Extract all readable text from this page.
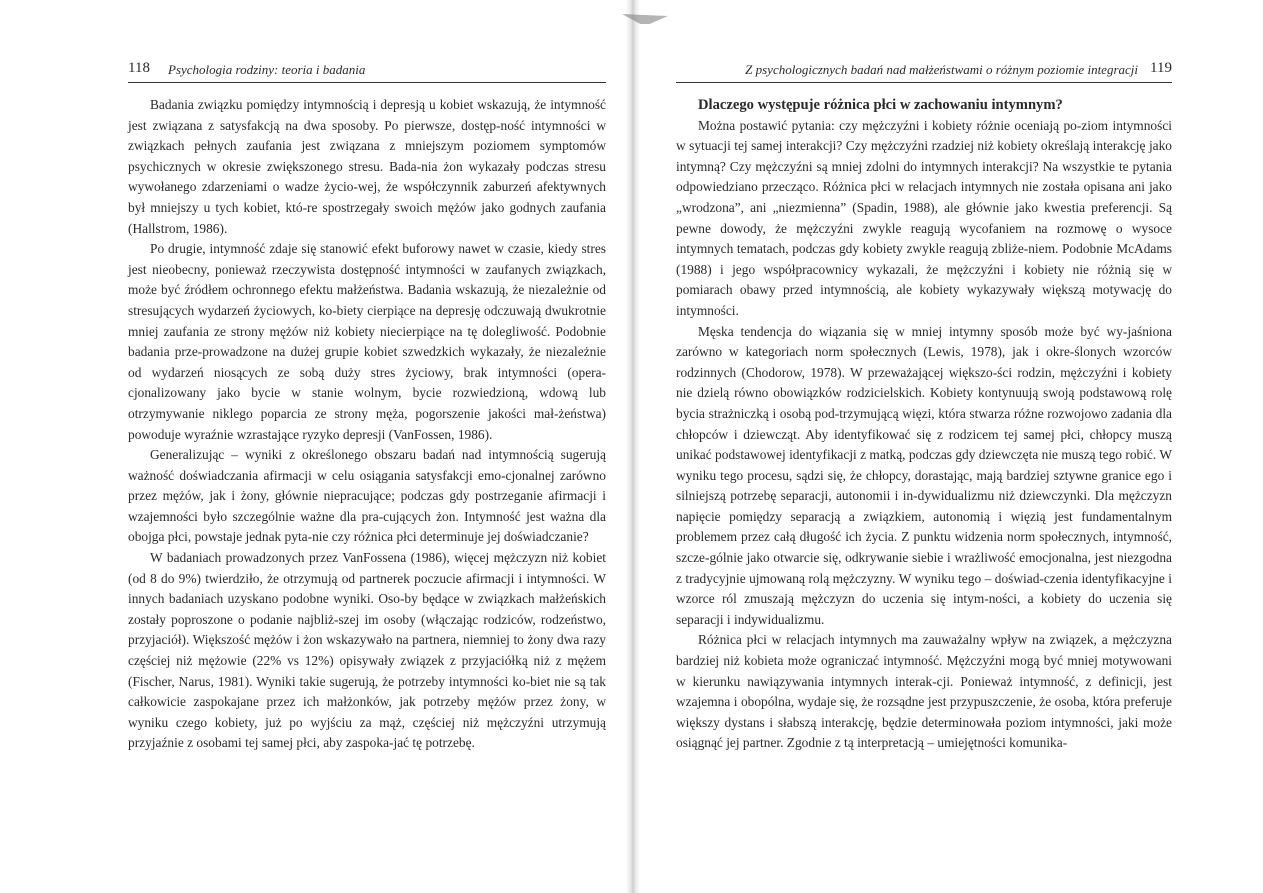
118 Psychologia rodziny: teoria i badania

Badania związku pomiędzy intymnością i depresją u kobiet wskazują, że intymność jest związana z satysfakcją na dwa sposoby. Po pierwsze, dostęp-ność intymności w związkach pełnych zaufania jest związana z mniejszym poziomem symptomów psychicznych w okresie zwiększonego stresu. Bada-nia żon wykazały podczas stresu wywołanego zdarzeniami o wadze życio-wej, że współczynnik zaburzeń afektywnych był mniejszy u tych kobiet, któ-re spostrzegały swoich mężów jako godnych zaufania (Hallstrom, 1986).

Po drugie, intymność zdaje się stanowić efekt buforowy nawet w czasie, kiedy stres jest nieobecny, ponieważ rzeczywista dostępność intymności w zaufanych związkach, może być źródłem ochronnego efektu małżeństwa. Badania wskazują, że niezależnie od stresujących wydarzeń życiowych, ko-biety cierpiące na depresję odczuwają dwukrotnie mniej zaufania ze strony mężów niż kobiety niecierpiące na tę dolegliwość. Podobnie badania prze-prowadzone na dużej grupie kobiet szwedzkich wykazały, że niezależnie od wydarzeń niosących ze sobą duży stres życiowy, brak intymności (opera-cjonalizowany jako bycie w stanie wolnym, bycie rozwiedzioną, wdową lub otrzymywanie niklego poparcia ze strony męża, pogorszenie jakości mał-żeństwa) powoduje wyraźnie wzrastające ryzyko depresji (VanFossen, 1986).

Generalizując – wyniki z określonego obszaru badań nad intymnością sugerują ważność doświadczania afirmacji w celu osiągania satysfakcji emo-cjonalnej zarówno przez mężów, jak i żony, głównie niepracujące; podczas gdy postrzeganie afirmacji i wzajemności było szczególnie ważne dla pra-cujących żon. Intymność jest ważna dla obojga płci, powstaje jednak pyta-nie czy różnica płci determinuje jej doświadczanie?

W badaniach prowadzonych przez VanFossena (1986), więcej mężczyzn niż kobiet (od 8 do 9%) twierdziło, że otrzymują od partnerek poczucie afirmacji i intymności. W innych badaniach uzyskano podobne wyniki. Oso-by będące w związkach małżeńskich zostały poproszone o podanie najbliż-szej im osoby (włączając rodziców, rodzeństwo, przyjaciół). Większość mężów i żon wskazywało na partnera, niemniej to żony dwa razy częściej niż mężowie (22% vs 12%) opisywały związek z przyjaciółką niż z mężem (Fischer, Narus, 1981). Wyniki takie sugerują, że potrzeby intymności ko-biet nie są tak całkowicie zaspokajane przez ich małżonków, jak potrzeby mężów przez żony, w wyniku czego kobiety, już po wyjściu za mąż, częściej niż mężczyźni utrzymują przyjaźnie z osobami tej samej płci, aby zaspoka-jać tę potrzebę.

Z psychologicznych badań nad małżeństwami o różnym poziomie integracji 119
Dlaczego występuje różnica płci w zachowaniu intymnym?

Można postawić pytania: czy mężczyźni i kobiety różnie oceniają po-ziom intymności w sytuacji tej samej interakcji? Czy mężczyźni rzadziej niż kobiety określają interakcję jako intymną? Czy mężczyźni są mniej zdolni do intymnych interakcji? Na wszystkie te pytania odpowiedziano przecząco. Różnica płci w relacjach intymnych nie została opisana ani jako „wrodzona”, ani „niezmienna” (Spadin, 1988), ale głównie jako kwestia preferencji. Są pewne dowody, że mężczyźni zwykle reagują wycofaniem na rozmowę o wysoce intymnych tematach, podczas gdy kobiety zwykle reagują zbliże-niem. Podobnie McAdams (1988) i jego współpracownicy wykazali, że mężczyźni i kobiety nie różnią się w pomiarach obawy przed intymnością, ale kobiety wykazywały większą motywację do intymności.

Męska tendencja do wiązania się w mniej intymny sposób może być wy-jaśniona zarówno w kategoriach norm społecznych (Lewis, 1978), jak i okre-ślonych wzorców rodzinnych (Chodorow, 1978). W przeważającej większo-ści rodzin, mężczyźni i kobiety nie dzielą równo obowiązków rodzicielskich. Kobiety kontynuują swoją podstawową rolę bycia strażniczką i osobą pod-trzymującą więzi, która stwarza różne rozwojowo zadania dla chłopców i dziewcząt. Aby identyfikować się z rodzicem tej samej płci, chłopcy muszą unikać podstawowej identyfikacji z matką, podczas gdy dziewczęta nie muszą tego robić. W wyniku tego procesu, sądzi się, że chłopcy, dorastając, mają bardziej sztywne granice ego i silniejszą potrzebę separacji, autonomii i in-dywidualizmu niż dziewczynki. Dla mężczyzn napięcie pomiędzy separacją a związkiem, autonomią i więzią jest fundamentalnym problemem przez całą długość ich życia. Z punktu widzenia norm społecznych, intymność, szcze-gólnie jako otwarcie się, odkrywanie siebie i wrażliwość emocjonalna, jest niezgodna z tradycyjnie ujmowaną rolą mężczyzny. W wyniku tego – doświad-czenia identyfikacyjne i wzorce ról zmuszają mężczyzn do uczenia się intym-ności, a kobiety do uczenia się separacji i indywidualizmu.

Różnica płci w relacjach intymnych ma zauważalny wpływ na związek, a mężczyzna bardziej niż kobieta może ograniczać intymność. Mężczyźni mogą być mniej motywowani w kierunku nawiązywania intymnych interak-cji. Ponieważ intymność, z definicji, jest wzajemna i obopólna, wydaje się, że rozsądne jest przypuszczenie, że osoba, która preferuje większy dystans i słabszą interakcję, będzie determinowała poziom intymności, jaki może osiągnąć jej partner. Zgodnie z tą interpretacją – umiejętności komunika-
